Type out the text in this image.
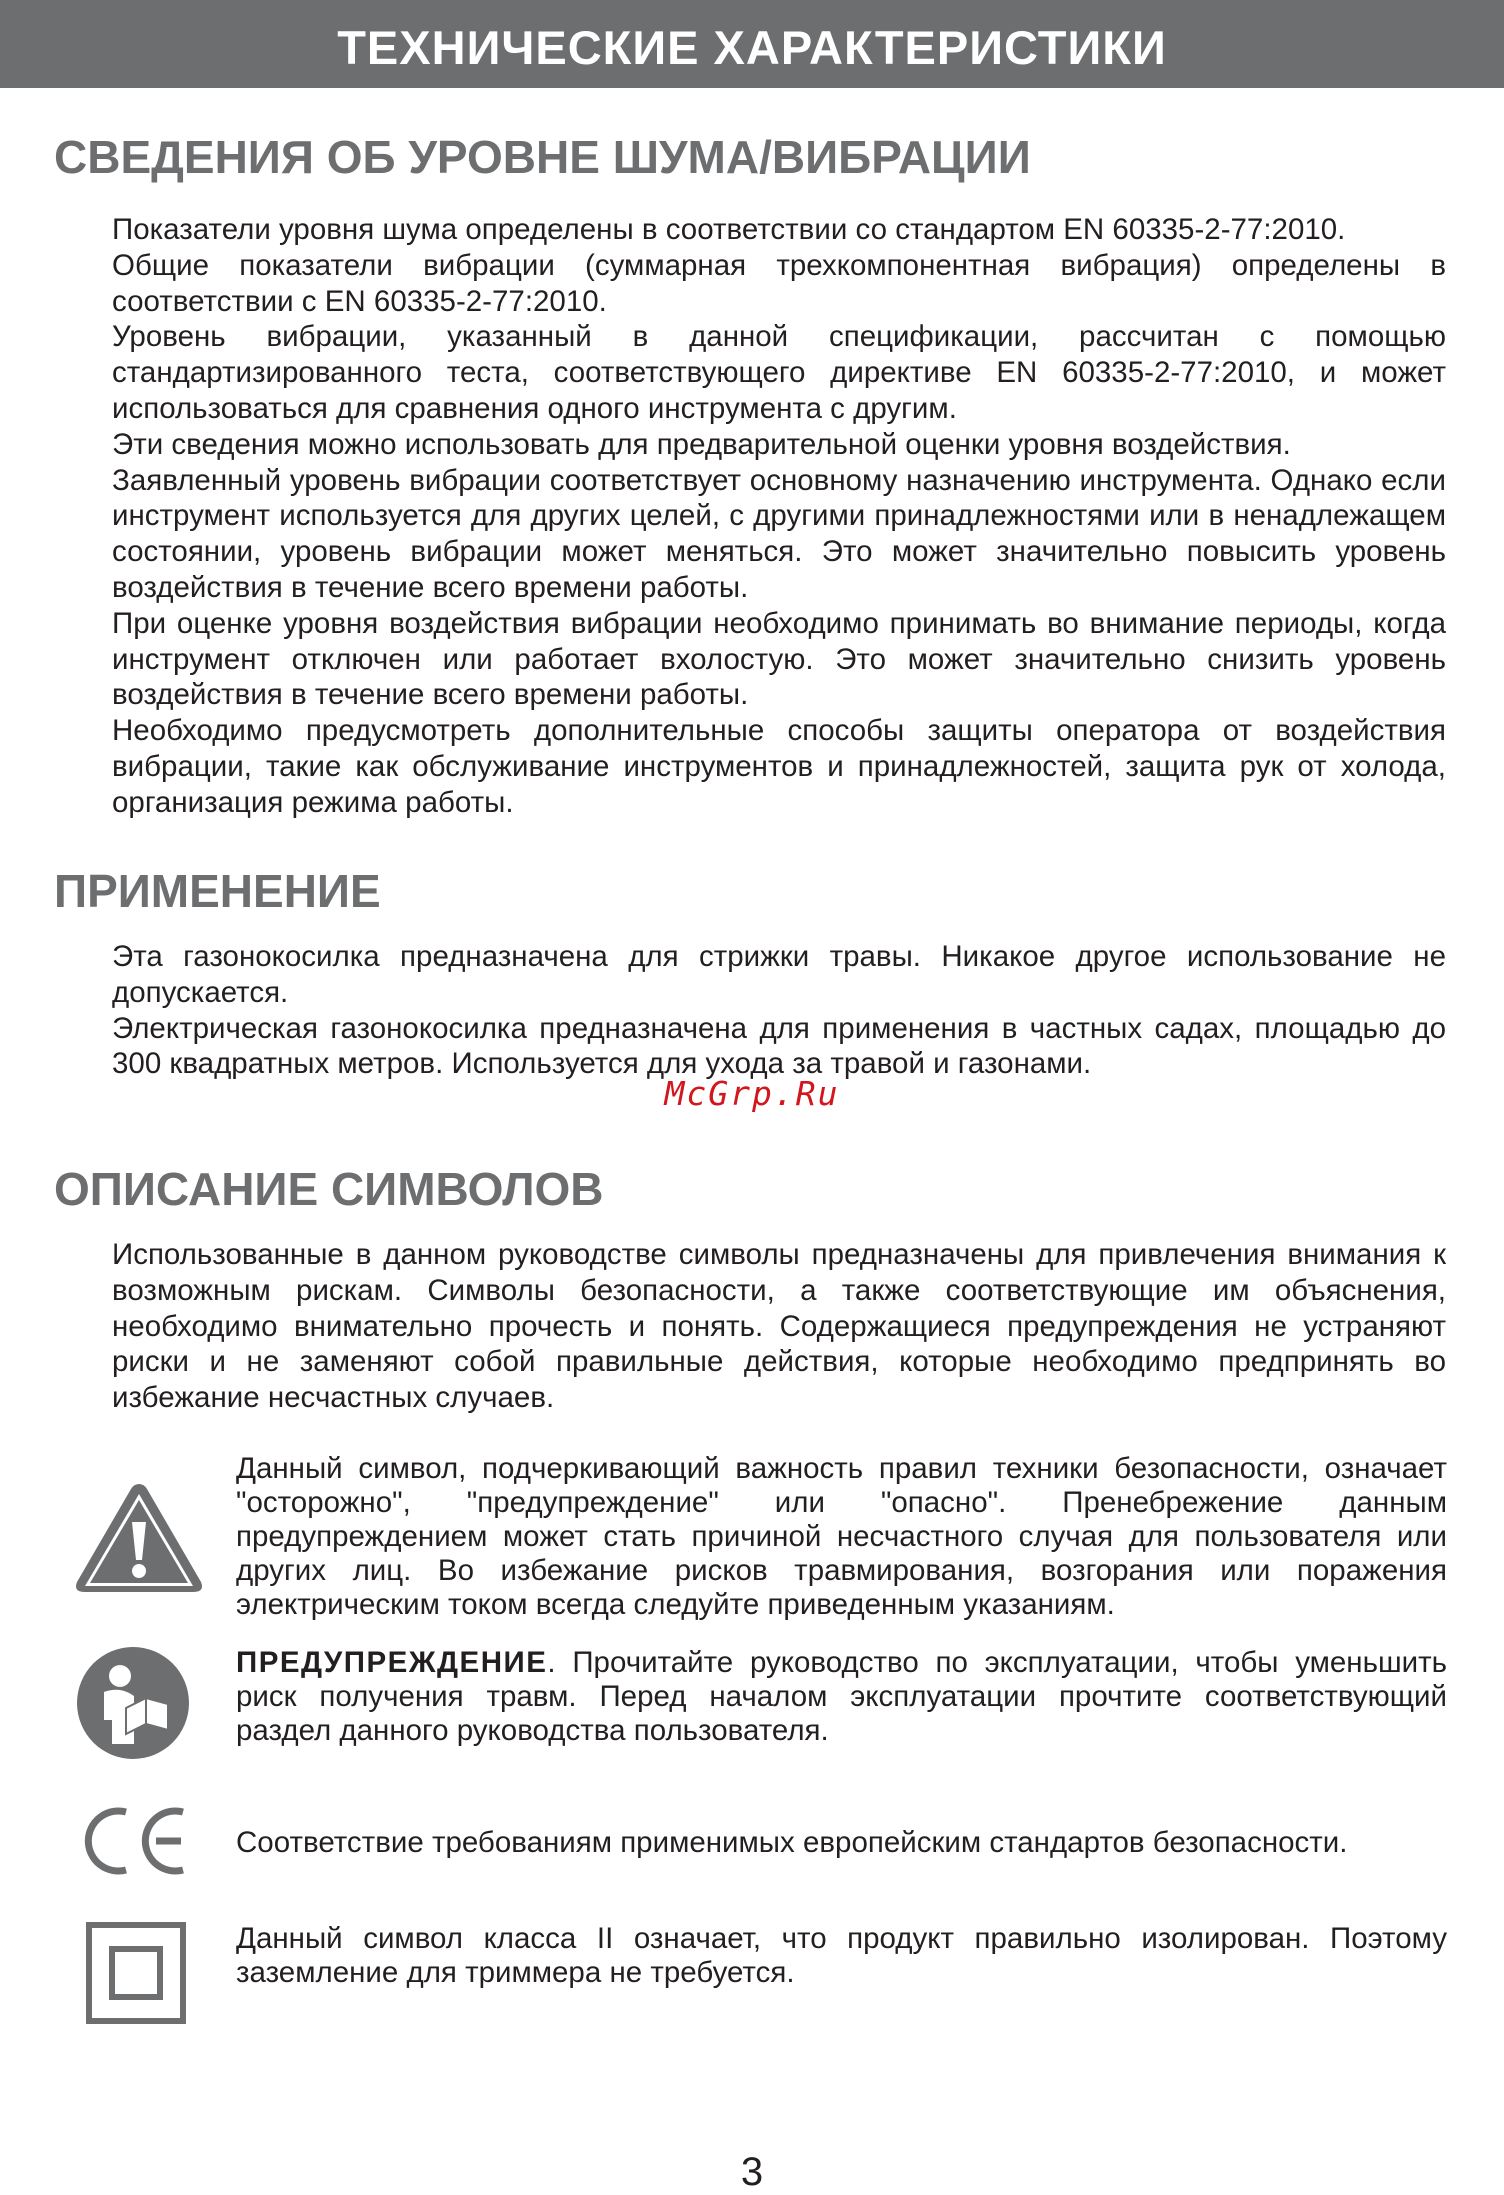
ТЕХНИЧЕСКИЕ ХАРАКТЕРИСТИКИ
СВЕДЕНИЯ ОБ УРОВНЕ ШУМА/ВИБРАЦИИ

Показатели уровня шума определены в соответствии со стандартом EN 60335-2-77:2010.

Общие показатели вибрации (суммарная трехкомпонентная вибрация) определены в соответствии с EN 60335-2-77:2010.

Уровень вибрации, указанный в данной спецификации, рассчитан с помощью стандартизированного теста, соответствующего директиве EN 60335-2-77:2010, и может использоваться для сравнения одного инструмента с другим.

Эти сведения можно использовать для предварительной оценки уровня воздействия.

Заявленный уровень вибрации соответствует основному назначению инструмента. Однако если инструмент используется для других целей, с другими принадлежностями или в ненадлежащем состоянии, уровень вибрации может меняться. Это может значительно повысить уровень воздействия в течение всего времени работы.

При оценке уровня воздействия вибрации необходимо принимать во внимание периоды, когда инструмент отключен или работает вхолостую. Это может значительно снизить уровень воздействия в течение всего времени работы.

Необходимо предусмотреть дополнительные способы защиты оператора от воздействия вибрации, такие как обслуживание инструментов и принадлежностей, защита рук от холода, организация режима работы.

ПРИМЕНЕНИЕ

Эта газонокосилка предназначена для стрижки травы. Никакое другое использование не допускается.

Электрическая газонокосилка предназначена для применения в частных садах, площадью до 300 квадратных метров. Используется для ухода за травой и газонами.

McGrp.Ru
ОПИСАНИЕ СИМВОЛОВ

Использованные в данном руководстве символы предназначены для привлечения внимания к возможным рискам. Символы безопасности, а также соответствующие им объяснения, необходимо внимательно прочесть и понять. Содержащиеся предупреждения не устраняют риски и не заменяют собой правильные действия, которые необходимо предпринять во избежание несчастных случаев.

Данный символ, подчеркивающий важность правил техники безопасности, означает "осторожно", "предупреждение" или "опасно". Пренебрежение данным предупреждением может стать причиной несчастного случая для пользователя или других лиц. Во избежание рисков травмирования, возгорания или поражения электрическим током всегда следуйте приведенным указаниям.
ПРЕДУПРЕЖДЕНИЕ. Прочитайте руководство по эксплуатации, чтобы уменьшить риск получения травм. Перед началом эксплуатации прочтите соответствующий раздел данного руководства пользователя.
Соответствие требованиям применимых европейским стандартов безопасности.
Данный символ класса II означает, что продукт правильно изолирован. Поэтому заземление для триммера не требуется.
3
